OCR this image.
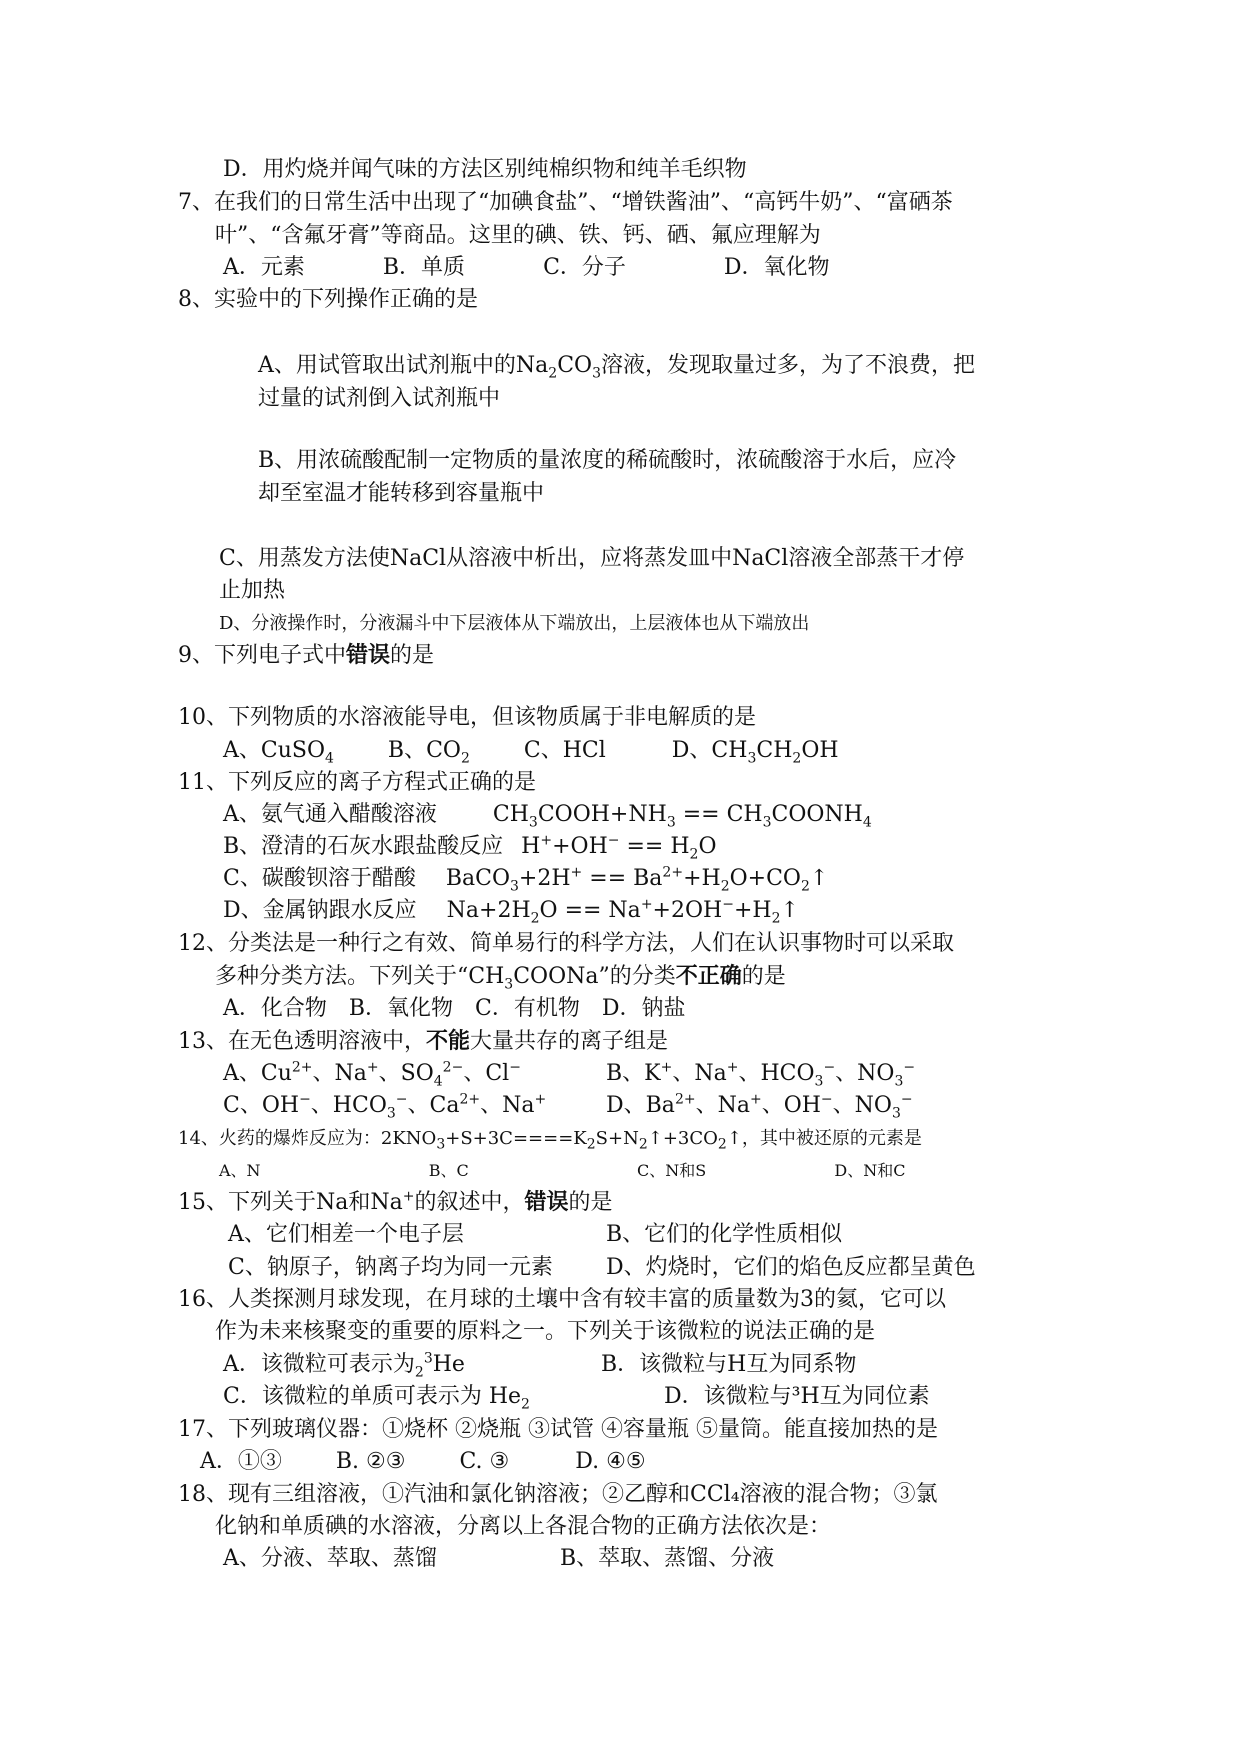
D．用灼烧并闻气味的方法区别纯棉织物和纯羊毛织物
7、在我们的日常生活中出现了“加碘食盐”、“增铁酱油”、“高钙牛奶”、“富硒茶
叶”、“含氟牙膏”等商品。这里的碘、铁、钙、硒、氟应理解为
A．元素	B．单质	C．分子	D．氧化物
8、实验中的下列操作正确的是
A、用试管取出试剂瓶中的$Na_2CO_3$溶液，发现取量过多，为了不浪费，把
过量的试剂倒入试剂瓶中
B、用浓硫酸配制一定物质的量浓度的稀硫酸时，浓硫酸溶于水后，应冷
却至室温才能转移到容量瓶中
C、用蒸发方法使NaCl从溶液中析出，应将蒸发皿中NaCl溶液全部蒸干才停
止加热
D、分液操作时，分液漏斗中下层液体从下端放出，上层液体也从下端放出
9、下列电子式中错误的是
10、下列物质的水溶液能导电，但该物质属于非电解质的是
A、CuSO$_4$ B、$CO_2$ C、HCl	D、$CH_3CH_2OH$
11、下列反应的离子方程式正确的是
A、氨气通入醋酸溶液	$CH_3COOH+NH_3$ == $CH_3COONH_4$
B、澄清的石灰水跟盐酸反应 $H^++OH^- == H_2O$
C、碳酸钡溶于醋酸 BaCO$_3$+2H+ == $Ba^{2+}+H_2O+CO_2↑$
D、金属钠跟水反应 $Na+2H_2O$ == $Na^++2OH^-+H_2↑$
12、分类法是一种行之有效、简单易行的科学方法，人们在认识事物时可以采取
多种分类方法。下列关于“$CH_3COONa$”的分类不正确的是
A．化合物　B．氧化物　C．有机物　D．钠盐
13、在无色透明溶液中，不能大量共存的离子组是
A、$Cu^{2+}$、Na+、$SO_4^{2-}$、Cl−	B、K+、Na+、$HCO_3^-$、$NO_3^-$
C、OH−、$HCO_3^-$、$Ca^{2+}$、Na+	D、$Ba^{2+}$、Na+、OH−、$NO_3^-$
14、火药的爆炸反应为：$2KNO_3+S+3C====K_2S+N_2↑+3CO_2↑$，其中被还原的元素是
A、N	B、C	C、N和S	D、N和C
15、下列关于Na和Na+的叙述中，错误的是
A、它们相差一个电子层	B、它们的化学性质相似
C、钠原子，钠离子均为同一元素 D、灼烧时，它们的焰色反应都呈黄色
16、人类探测月球发现，在月球的土壤中含有较丰富的质量数为3的氦，它可以
作为未来核聚变的重要的原料之一。下列关于该微粒的说法正确的是
A．该微粒可表示为$_2^3$He	B．该微粒与H互为同系物
C．该微粒的单质可表示为 $He_2$	D．该微粒与³H互为同位素
17、下列玻璃仪器：①烧杯 ②烧瓶 ③试管 ④容量瓶 ⑤量筒。能直接加热的是
A．①③ B. ②③ C. ③	D. ④⑤
18、现有三组溶液，①汽油和氯化钠溶液；②乙醇和CCl₄溶液的混合物；③氯
化钠和单质碘的水溶液，分离以上各混合物的正确方法依次是：
A、分液、萃取、蒸馏	B、萃取、蒸馏、分液
